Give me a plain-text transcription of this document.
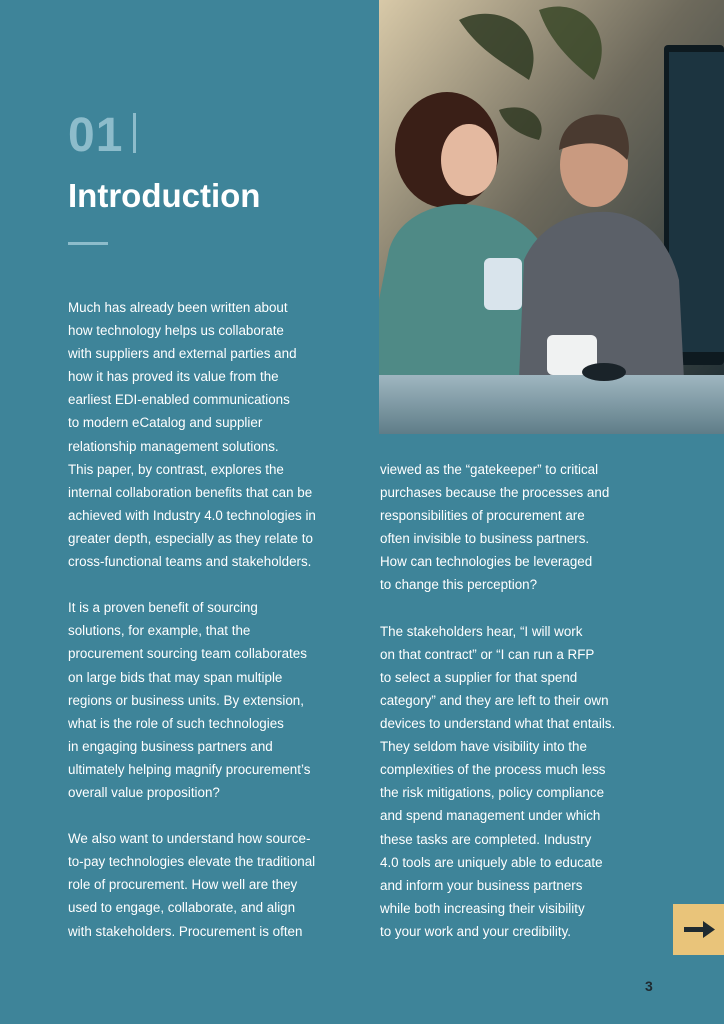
01
Introduction

Much has already been written about

how technology helps us collaborate

with suppliers and external parties and

how it has proved its value from the

earliest EDI-enabled communications

to modern eCatalog and supplier

relationship management solutions.

This paper, by contrast, explores the

internal collaboration benefits that can be

achieved with Industry 4.0 technologies in

greater depth, especially as they relate to

cross-functional teams and stakeholders.

It is a proven benefit of sourcing

solutions, for example, that the

procurement sourcing team collaborates

on large bids that may span multiple

regions or business units. By extension,

what is the role of such technologies

in engaging business partners and

ultimately helping magnify procurement’s

overall value proposition?

We also want to understand how source-

to-pay technologies elevate the traditional

role of procurement. How well are they

used to engage, collaborate, and align

with stakeholders. Procurement is often

viewed as the “gatekeeper” to critical

purchases because the processes and

responsibilities of procurement are

often invisible to business partners.

How can technologies be leveraged

to change this perception?

The stakeholders hear, “I will work

on that contract” or “I can run a RFP

to select a supplier for that spend

category” and they are left to their own

devices to understand what that entails.

They seldom have visibility into the

complexities of the process much less

the risk mitigations, policy compliance

and spend management under which

these tasks are completed. Industry

4.0 tools are uniquely able to educate

and inform your business partners

while both increasing their visibility

to your work and your credibility.

3
